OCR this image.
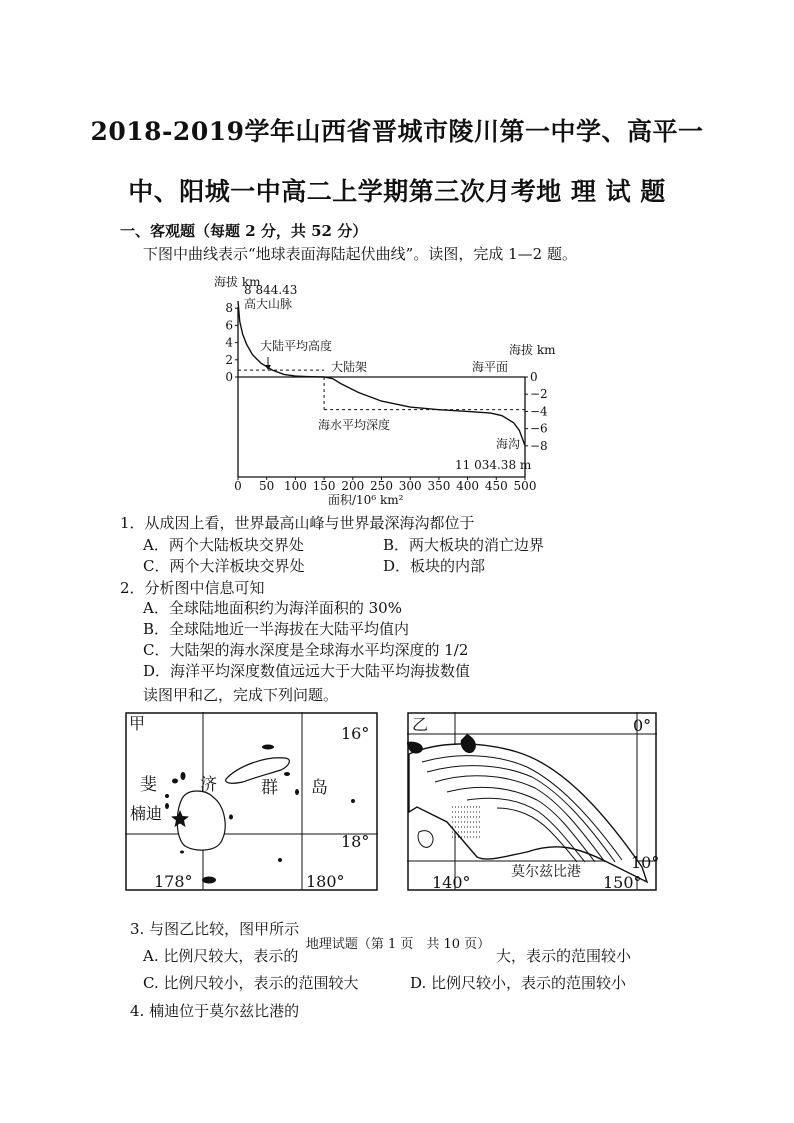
2018-2019学年山西省晋城市陵川第一中学、高平一
中、阳城一中高二上学期第三次月考地 理 试 题
一、客观题（每题 2 分，共 52 分）
下图中曲线表示“地球表面海陆起伏曲线”。读图，完成 1—2 题。
0 50 100 150 200 250 300 350 400 450 500
0
2
4
6
8
0
−2
−4
−6
−8
海拔 km
海拔 km
面积/10⁶ km²
8 844.43
高大山脉
大陆平均高度
大陆架	海平面
海水平均深度
海沟
11 034.38 m
1．从成因上看，世界最高山峰与世界最深海沟都位于
A．两个大陆板块交界处	B．两大板块的消亡边界
C．两个大洋板块交界处	D．板块的内部
2．分析图中信息可知
A．全球陆地面积约为海洋面积的 30%
B．全球陆地近一半海拔在大陆平均值内
C．大陆架的海水深度是全球海水平均深度的 1/2
D．海洋平均深度数值远远大于大陆平均海拔数值
读图甲和乙，完成下列问题。
甲
16°
18°
178°	180°
斐	济	群 岛
楠迪
乙	0°
10°
140°	150°
莫尔兹比港
3. 与图乙比较，图甲所示
A. 比例尺较大，表示的	大，表示的范围较小
C. 比例尺较小，表示的范围较大	D. 比例尺较小，表示的范围较小
地理试题（第 1 页　共 10 页）
4. 楠迪位于莫尔兹比港的
